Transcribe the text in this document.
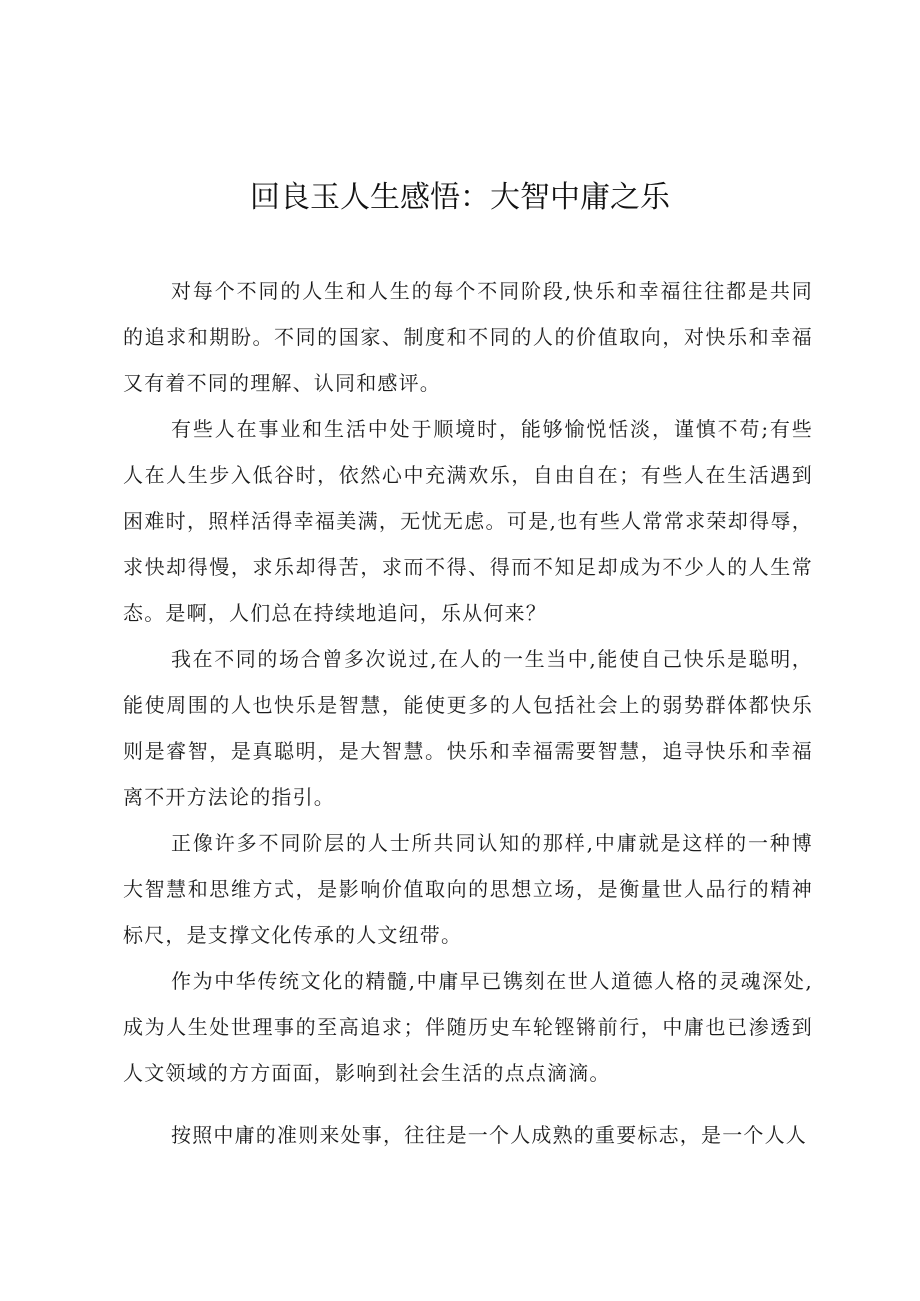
回良玉人生感悟：大智中庸之乐

对每个不同的人生和人生的每个不同阶段,快乐和幸福往往都是共同的追求和期盼。不同的国家、制度和不同的人的价值取向，对快乐和幸福又有着不同的理解、认同和感评。

有些人在事业和生活中处于顺境时，能够愉悦恬淡，谨慎不苟;有些人在人生步入低谷时，依然心中充满欢乐，自由自在；有些人在生活遇到困难时，照样活得幸福美满，无忧无虑。可是,也有些人常常求荣却得辱，求快却得慢，求乐却得苦，求而不得、得而不知足却成为不少人的人生常态。是啊，人们总在持续地追问，乐从何来？

我在不同的场合曾多次说过,在人的一生当中,能使自己快乐是聪明，能使周围的人也快乐是智慧，能使更多的人包括社会上的弱势群体都快乐则是睿智，是真聪明，是大智慧。快乐和幸福需要智慧，追寻快乐和幸福离不开方法论的指引。

正像许多不同阶层的人士所共同认知的那样,中庸就是这样的一种博大智慧和思维方式，是影响价值取向的思想立场，是衡量世人品行的精神标尺，是支撑文化传承的人文纽带。

作为中华传统文化的精髓,中庸早已镌刻在世人道德人格的灵魂深处,成为人生处世理事的至高追求；伴随历史车轮铿锵前行，中庸也已渗透到人文领域的方方面面，影响到社会生活的点点滴滴。

按照中庸的准则来处事，往往是一个人成熟的重要标志，是一个人人
